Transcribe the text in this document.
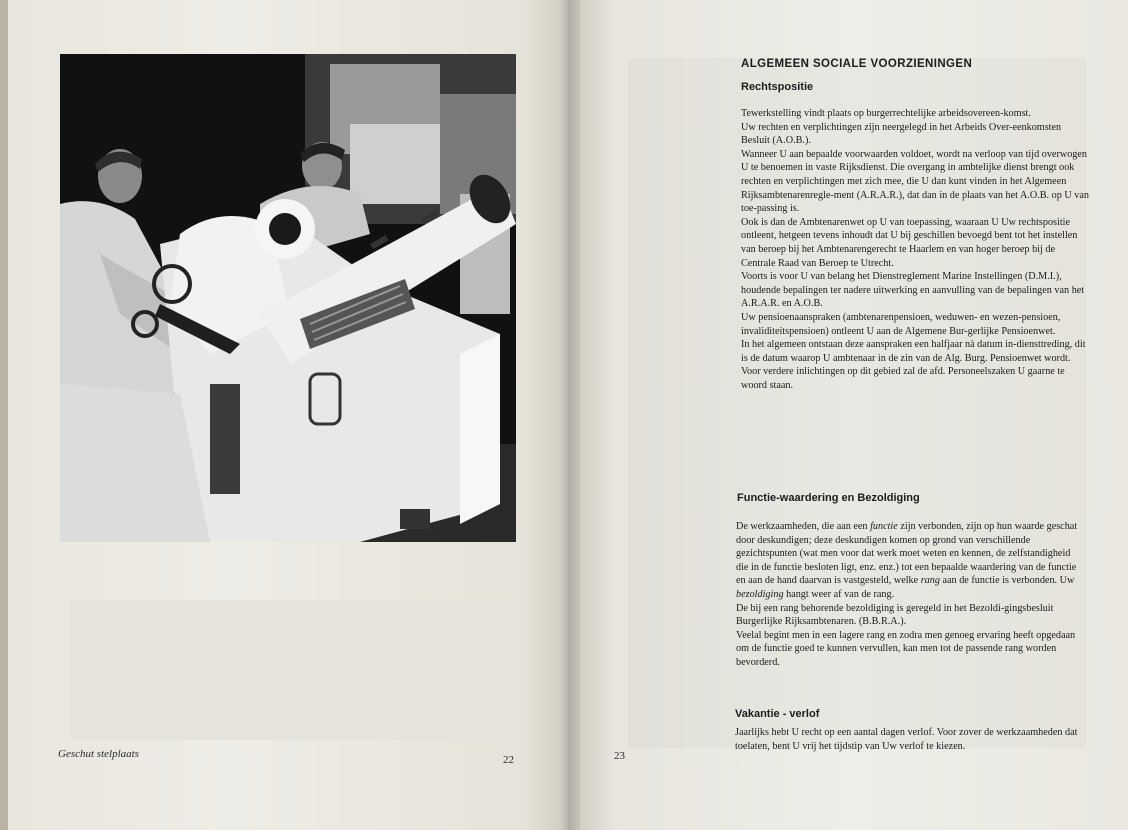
Geschut stelplaats	22	23
ALGEMEEN SOCIALE VOORZIENINGEN
Rechtspositie

Tewerkstelling vindt plaats op burgerrechtelijke arbeidsovereen-komst.

Uw rechten en verplichtingen zijn neergelegd in het Arbeids Over-eenkomsten Besluit (A.O.B.).

Wanneer U aan bepaalde voorwaarden voldoet, wordt na verloop van tijd overwogen U te benoemen in vaste Rijksdienst. Die overgang in ambtelijke dienst brengt ook rechten en verplichtingen met zich mee, die U dan kunt vinden in het Algemeen Rijksambtenarenregle-ment (A.R.A.R.), dat dan in de plaats van het A.O.B. op U van toe-passing is.

Ook is dan de Ambtenarenwet op U van toepassing, waaraan U Uw rechtspositie ontleent, hetgeen tevens inhoudt dat U bij geschillen bevoegd bent tot het instellen van beroep bij het Ambtenarengerecht te Haarlem en van hoger beroep bij de Centrale Raad van Beroep te Utrecht.

Voorts is voor U van belang het Dienstreglement Marine Instellingen (D.M.I.), houdende bepalingen ter nadere uitwerking en aanvulling van de bepalingen van het A.R.A.R. en A.O.B.

Uw pensioenaanspraken (ambtenarenpensioen, weduwen- en wezen-pensioen, invaliditeitspensioen) ontleent U aan de Algemene Bur-gerlijke Pensioenwet.

In het algemeen ontstaan deze aanspraken een halfjaar nà datum in-diensttreding, dit is de datum waarop U ambtenaar in de zin van de Alg. Burg. Pensioenwet wordt.

Voor verdere inlichtingen op dit gebied zal de afd. Personeelszaken U gaarne te woord staan.

Functie-waardering en Bezoldiging

De werkzaamheden, die aan een functie zijn verbonden, zijn op hun waarde geschat door deskundigen; deze deskundigen komen op grond van verschillende gezichtspunten (wat men voor dat werk moet weten en kennen, de zelfstandigheid die in de functie besloten ligt, enz. enz.) tot een bepaalde waardering van de functie en aan de hand daarvan is vastgesteld, welke rang aan de functie is verbonden. Uw bezoldiging hangt weer af van de rang.

De bij een rang behorende bezoldiging is geregeld in het Bezoldi-gingsbesluit Burgerlijke Rijksambtenaren. (B.B.R.A.).

Veelal begint men in een lagere rang en zodra men genoeg ervaring heeft opgedaan om de functie goed te kunnen vervullen, kan men tot de passende rang worden bevorderd.

Vakantie - verlof

Jaarlijks hebt U recht op een aantal dagen verlof. Voor zover de werkzaamheden dat toelaten, bent U vrij het tijdstip van Uw verlof te kiezen.
